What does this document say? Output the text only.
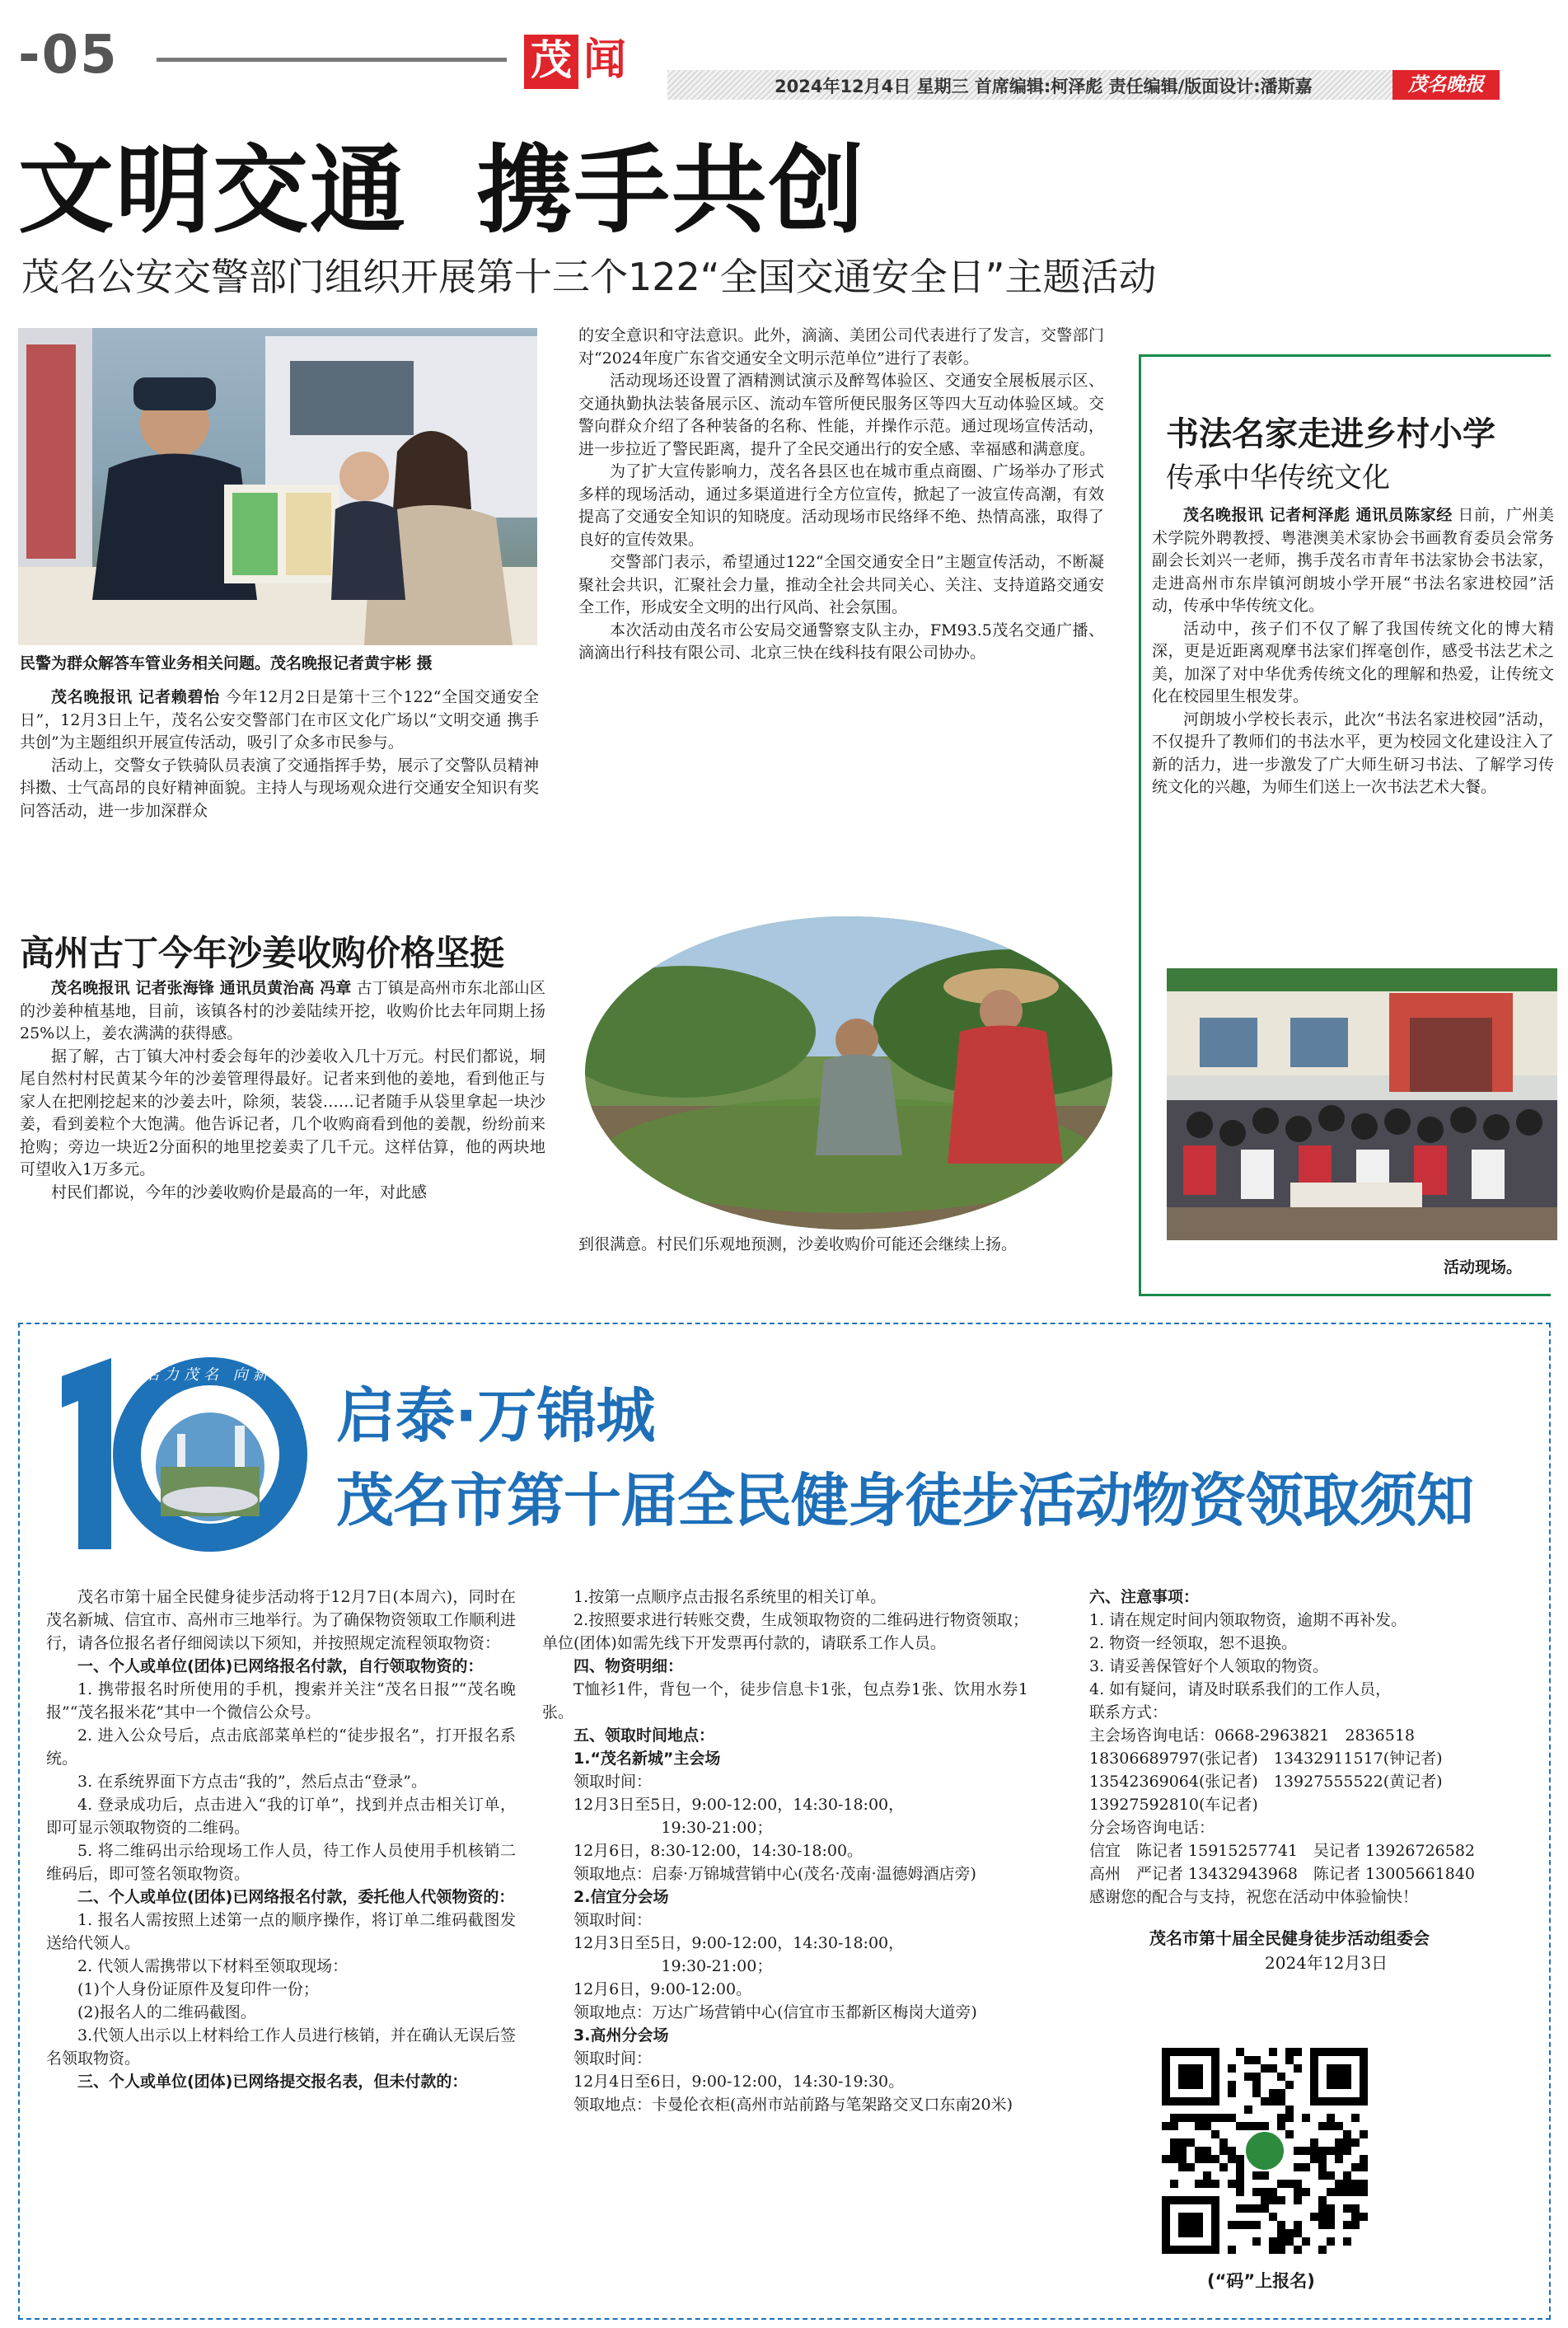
-05	茂 闻
2024年12月4日 星期三 首席编辑:柯泽彪 责任编辑/版面设计:潘斯嘉	茂名晚报
文明交通  携手共创
茂名公安交警部门组织开展第十三个122“全国交通安全日”主题活动
民警为群众解答车管业务相关问题。茂名晚报记者黄宇彬 摄

茂名晚报讯 记者赖碧怡 今年12月2日是第十三个122“全国交通安全日”，12月3日上午，茂名公安交警部门在市区文化广场以“文明交通 携手共创”为主题组织开展宣传活动，吸引了众多市民参与。

活动上，交警女子铁骑队员表演了交通指挥手势，展示了交警队员精神抖擞、士气高昂的良好精神面貌。主持人与现场观众进行交通安全知识有奖问答活动，进一步加深群众

的安全意识和守法意识。此外，滴滴、美团公司代表进行了发言，交警部门对“2024年度广东省交通安全文明示范单位”进行了表彰。

活动现场还设置了酒精测试演示及醉驾体验区、交通安全展板展示区、交通执勤执法装备展示区、流动车管所便民服务区等四大互动体验区域。交警向群众介绍了各种装备的名称、性能，并操作示范。通过现场宣传活动，进一步拉近了警民距离，提升了全民交通出行的安全感、幸福感和满意度。

为了扩大宣传影响力，茂名各县区也在城市重点商圈、广场举办了形式多样的现场活动，通过多渠道进行全方位宣传，掀起了一波宣传高潮，有效提高了交通安全知识的知晓度。活动现场市民络绎不绝、热情高涨，取得了良好的宣传效果。

交警部门表示，希望通过122“全国交通安全日”主题宣传活动，不断凝聚社会共识，汇聚社会力量，推动全社会共同关心、关注、支持道路交通安全工作，形成安全文明的出行风尚、社会氛围。

本次活动由茂名市公安局交通警察支队主办，FM93.5茂名交通广播、滴滴出行科技有限公司、北京三快在线科技有限公司协办。

书法名家走进乡村小学
传承中华传统文化

茂名晚报讯 记者柯泽彪 通讯员陈家经 日前，广州美术学院外聘教授、粤港澳美术家协会书画教育委员会常务副会长刘兴一老师，携手茂名市青年书法家协会书法家，走进高州市东岸镇河朗坡小学开展“书法名家进校园”活动，传承中华传统文化。

活动中，孩子们不仅了解了我国传统文化的博大精深，更是近距离观摩书法家们挥毫创作，感受书法艺术之美，加深了对中华优秀传统文化的理解和热爱，让传统文化在校园里生根发芽。

河朗坡小学校长表示，此次“书法名家进校园”活动，不仅提升了教师们的书法水平，更为校园文化建设注入了新的活力，进一步激发了广大师生研习书法、了解学习传统文化的兴趣，为师生们送上一次书法艺术大餐。

活动现场。
高州古丁今年沙姜收购价格坚挺

茂名晚报讯 记者张海锋 通讯员黄治高 冯章 古丁镇是高州市东北部山区的沙姜种植基地，目前，该镇各村的沙姜陆续开挖，收购价比去年同期上扬25%以上，姜农满满的获得感。

据了解，古丁镇大冲村委会每年的沙姜收入几十万元。村民们都说，垌尾自然村村民黄某今年的沙姜管理得最好。记者来到他的姜地，看到他正与家人在把刚挖起来的沙姜去叶，除须，装袋……记者随手从袋里拿起一块沙姜，看到姜粒个大饱满。他告诉记者，几个收购商看到他的姜靓，纷纷前来抢购；旁边一块近2分面积的地里挖姜卖了几千元。这样估算，他的两块地可望收入1万多元。

村民们都说，今年的沙姜收购价是最高的一年，对此感

到很满意。村民们乐观地预测，沙姜收购价可能还会继续上扬。

活力茂名 向新而行
启泰·万锦城
茂名市第十届全民健身徒步活动物资领取须知

茂名市第十届全民健身徒步活动将于12月7日(本周六)，同时在茂名新城、信宜市、高州市三地举行。为了确保物资领取工作顺利进行，请各位报名者仔细阅读以下须知，并按照规定流程领取物资：

一、个人或单位(团体)已网络报名付款，自行领取物资的：

1. 携带报名时所使用的手机，搜索并关注“茂名日报”“茂名晚报”“茂名报米花”其中一个微信公众号。

2. 进入公众号后，点击底部菜单栏的“徒步报名”，打开报名系统。

3. 在系统界面下方点击“我的”，然后点击“登录”。

4. 登录成功后，点击进入“我的订单”，找到并点击相关订单，即可显示领取物资的二维码。

5. 将二维码出示给现场工作人员，待工作人员使用手机核销二维码后，即可签名领取物资。

二、个人或单位(团体)已网络报名付款，委托他人代领物资的：

1. 报名人需按照上述第一点的顺序操作，将订单二维码截图发送给代领人。

2. 代领人需携带以下材料至领取现场：

(1)个人身份证原件及复印件一份；

(2)报名人的二维码截图。

3.代领人出示以上材料给工作人员进行核销，并在确认无误后签名领取物资。

三、个人或单位(团体)已网络提交报名表，但未付款的：

1.按第一点顺序点击报名系统里的相关订单。

2.按照要求进行转账交费，生成领取物资的二维码进行物资领取；单位(团体)如需先线下开发票再付款的，请联系工作人员。

四、物资明细：

T恤衫1件，背包一个，徒步信息卡1张，包点券1张、饮用水券1张。

五、领取时间地点：

1.“茂名新城”主会场

领取时间：

12月3日至5日，9:00-12:00，14:30-18:00，

19:30-21:00；

12月6日，8:30-12:00，14:30-18:00。

领取地点：启泰·万锦城营销中心(茂名·茂南·温德姆酒店旁)

2.信宜分会场

领取时间：

12月3日至5日，9:00-12:00，14:30-18:00，

19:30-21:00；

12月6日，9:00-12:00。

领取地点：万达广场营销中心(信宜市玉都新区梅岗大道旁)

3.高州分会场

领取时间：

12月4日至6日，9:00-12:00，14:30-19:30。

领取地点：卡曼伦衣柜(高州市站前路与笔架路交叉口东南20米)

六、注意事项：

1. 请在规定时间内领取物资，逾期不再补发。

2. 物资一经领取，恕不退换。

3. 请妥善保管好个人领取的物资。

4. 如有疑问，请及时联系我们的工作人员，

联系方式：

主会场咨询电话：0668-2963821　2836518

18306689797(张记者)　13432911517(钟记者)

13542369064(张记者)　13927555522(黄记者)

13927592810(车记者)

分会场咨询电话：

信宜　陈记者 15915257741　吴记者 13926726582

高州　严记者 13432943968　陈记者 13005661840

感谢您的配合与支持，祝您在活动中体验愉快！

茂名市第十届全民健身徒步活动组委会
2024年12月3日
(“码”上报名)
